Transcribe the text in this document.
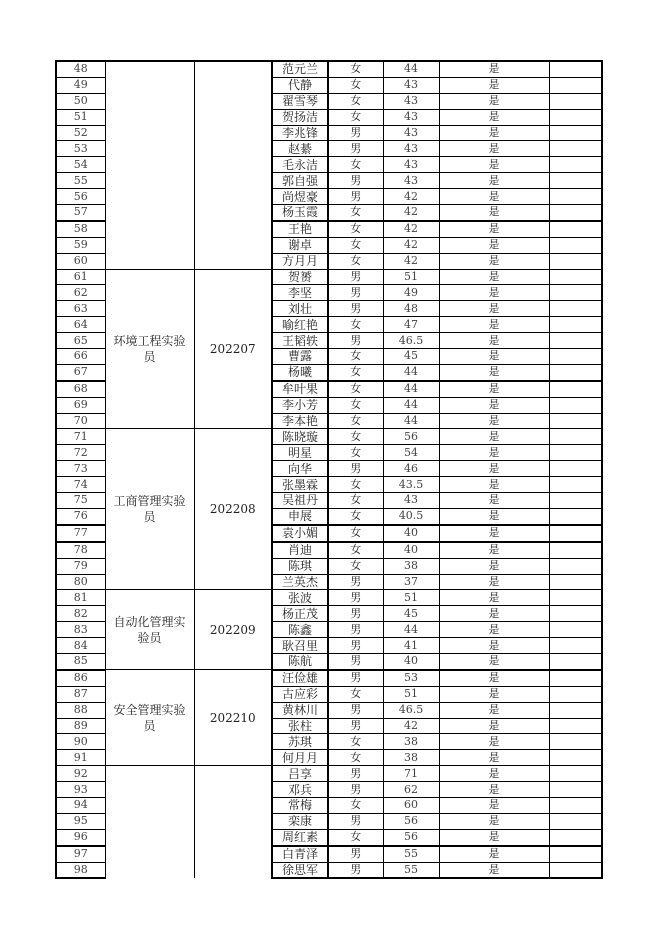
48			范元兰	女	44	是	
49			代静	女	43	是	
50			翟雪琴	女	43	是	
51			贺扬洁	女	43	是	
52			李兆锋	男	43	是	
53			赵綦	男	43	是	
54			毛永洁	女	43	是	
55			郭自强	男	43	是	
56			尚煜豪	男	42	是	
57			杨玉霞	女	42	是	
58			王艳	女	42	是	
59			谢卓	女	42	是	
60			方月月	女	42	是	
61	环境工程实验员	202207	贺赟	男	51	是	
62			李坚	男	49	是	
63			刘壮	男	48	是	
64			喻红艳	女	47	是	
65			王韬轶	男	46.5	是	
66			曹露	女	45	是	
67			杨曦	女	44	是	
68			牟叶果	女	44	是	
69			李小芳	女	44	是	
70			李本艳	女	44	是	
71	工商管理实验员	202208	陈晓璇	女	56	是	
72			明星	女	54	是	
73			向华	男	46	是	
74			张墨霖	女	43.5	是	
75			吴祖丹	女	43	是	
76			申展	女	40.5	是	
77			袁小媚	女	40	是	
78			肖迪	女	40	是	
79			陈琪	女	38	是	
80			兰英杰	男	37	是	
81	自动化管理实验员	202209	张波	男	51	是	
82			杨正茂	男	45	是	
83			陈鑫	男	44	是	
84			耿召里	男	41	是	
85			陈航	男	40	是	
86	安全管理实验员	202210	汪俭雄	男	53	是	
87			古应彩	女	51	是	
88			黄林川	男	46.5	是	
89			张柱	男	42	是	
90			苏琪	女	38	是	
91			何月月	女	38	是	
92			吕享	男	71	是	
93			邓兵	男	62	是	
94			常梅	女	60	是	
95			栾康	男	56	是	
96			周红素	女	56	是	
97			白青泽	男	55	是	
98			徐思军	男	55	是	
